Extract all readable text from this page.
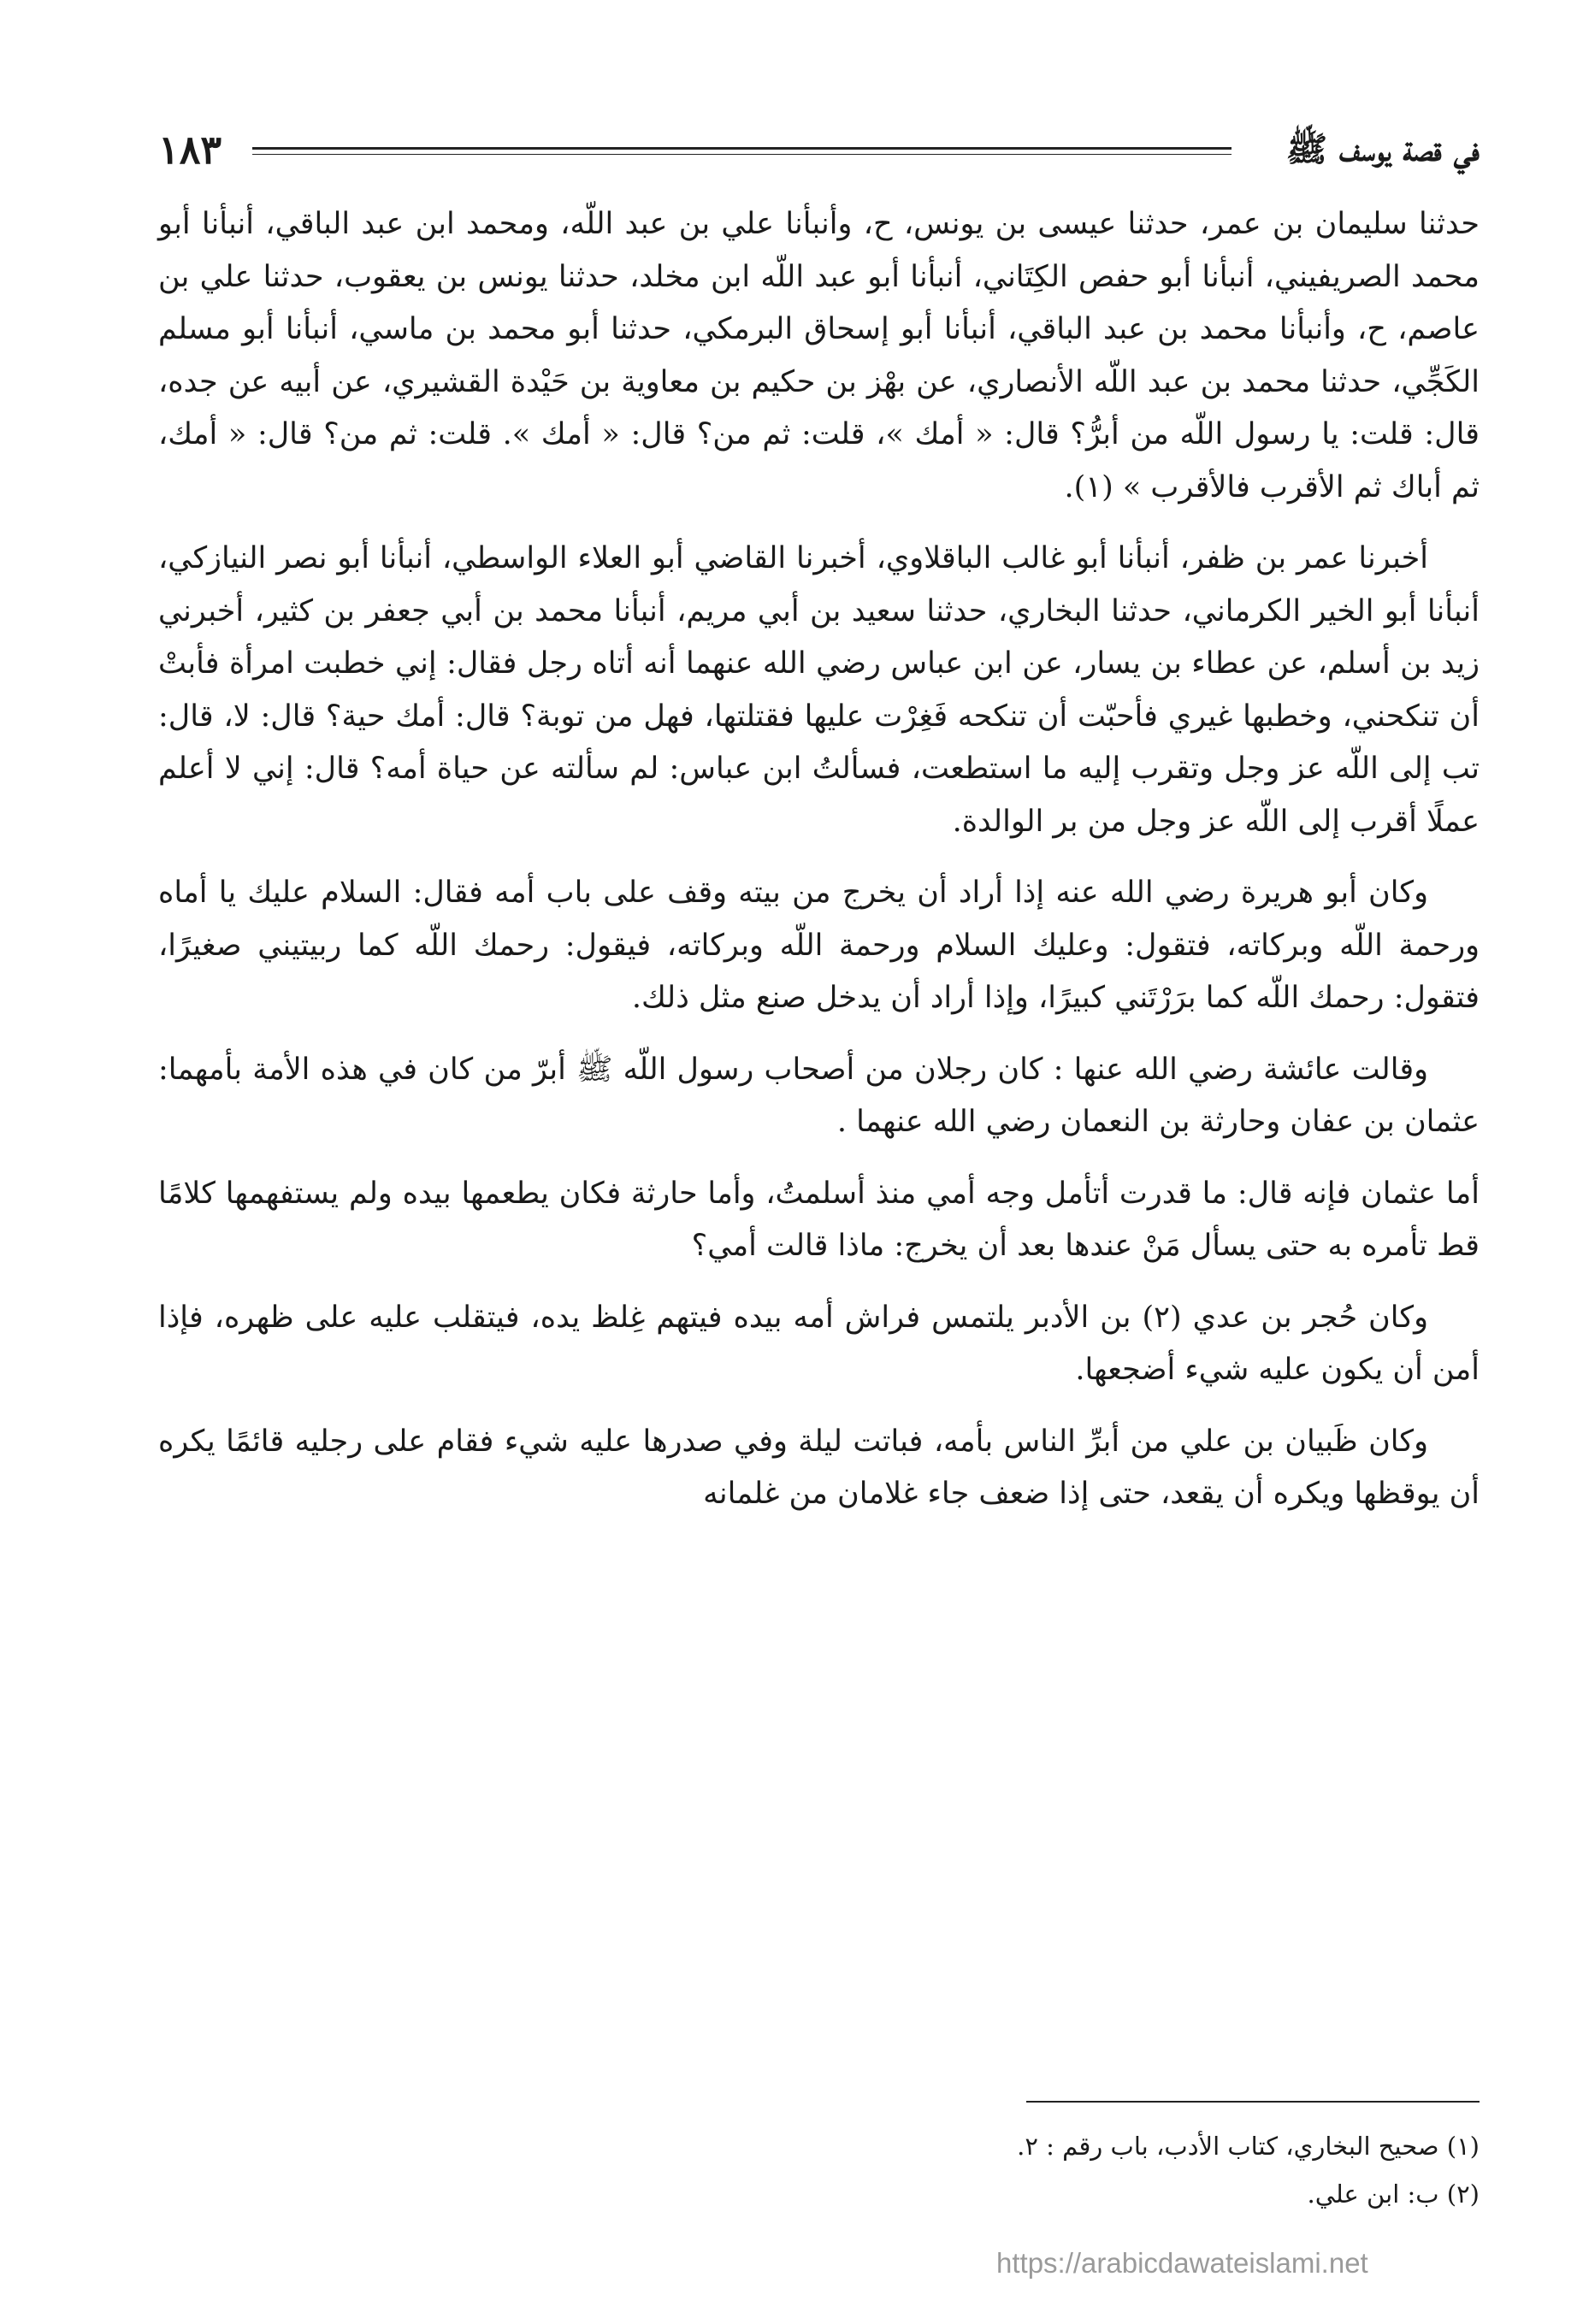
في قصة يوسف ﷺ
١٨٣

حدثنا سليمان بن عمر، حدثنا عيسى بن يونس، ح، وأنبأنا علي بن عبد اللّه، ومحمد ابن عبد الباقي، أنبأنا أبو محمد الصريفيني، أنبأنا أبو حفص الكِتَاني، أنبأنا أبو عبد اللّه ابن مخلد، حدثنا يونس بن يعقوب، حدثنا علي بن عاصم، ح، وأنبأنا محمد بن عبد الباقي، أنبأنا أبو إسحاق البرمكي، حدثنا أبو محمد بن ماسي، أنبأنا أبو مسلم الكَجِّي، حدثنا محمد بن عبد اللّه الأنصاري، عن بهْز بن حكيم بن معاوية بن حَيْدة القشيري، عن أبيه عن جده، قال: قلت: يا رسول اللّه من أبرُّ؟ قال: « أمك »، قلت: ثم من؟ قال: « أمك ». قلت: ثم من؟ قال: « أمك، ثم أباك ثم الأقرب فالأقرب » (١).

أخبرنا عمر بن ظفر، أنبأنا أبو غالب الباقلاوي، أخبرنا القاضي أبو العلاء الواسطي، أنبأنا أبو نصر النيازكي، أنبأنا أبو الخير الكرماني، حدثنا البخاري، حدثنا سعيد بن أبي مريم، أنبأنا محمد بن أبي جعفر بن كثير، أخبرني زيد بن أسلم، عن عطاء بن يسار، عن ابن عباس رضي الله عنهما أنه أتاه رجل فقال: إني خطبت امرأة فأبتْ أن تنكحني، وخطبها غيري فأحبّت أن تنكحه فَغِرْت عليها فقتلتها، فهل من توبة؟ قال: أمك حية؟ قال: لا، قال: تب إلى اللّه عز وجل وتقرب إليه ما استطعت، فسألتُ ابن عباس: لم سألته عن حياة أمه؟ قال: إني لا أعلم عملًا أقرب إلى اللّه عز وجل من بر الوالدة.

وكان أبو هريرة رضي الله عنه إذا أراد أن يخرج من بيته وقف على باب أمه فقال: السلام عليك يا أماه ورحمة اللّه وبركاته، فتقول: وعليك السلام ورحمة اللّه وبركاته، فيقول: رحمك اللّه كما ربيتيني صغيرًا، فتقول: رحمك اللّه كما برَرْتَني كبيرًا، وإذا أراد أن يدخل صنع مثل ذلك.

وقالت عائشة رضي الله عنها : كان رجلان من أصحاب رسول اللّه ﷺ أبرّ من كان في هذه الأمة بأمهما: عثمان بن عفان وحارثة بن النعمان رضي الله عنهما .

أما عثمان فإنه قال: ما قدرت أتأمل وجه أمي منذ أسلمتُ، وأما حارثة فكان يطعمها بيده ولم يستفهمها كلامًا قط تأمره به حتى يسأل مَنْ عندها بعد أن يخرج: ماذا قالت أمي؟

وكان حُجر بن عدي (٢) بن الأدبر يلتمس فراش أمه بيده فيتهم غِلظ يده، فيتقلب عليه على ظهره، فإذا أمن أن يكون عليه شيء أضجعها.

وكان ظَبيان بن علي من أبرِّ الناس بأمه، فباتت ليلة وفي صدرها عليه شيء فقام على رجليه قائمًا يكره أن يوقظها ويكره أن يقعد، حتى إذا ضعف جاء غلامان من غلمانه

(١) صحيح البخاري، كتاب الأدب، باب رقم : ٢.
(٢) ب: ابن علي.
https://arabicdawateislami.net
